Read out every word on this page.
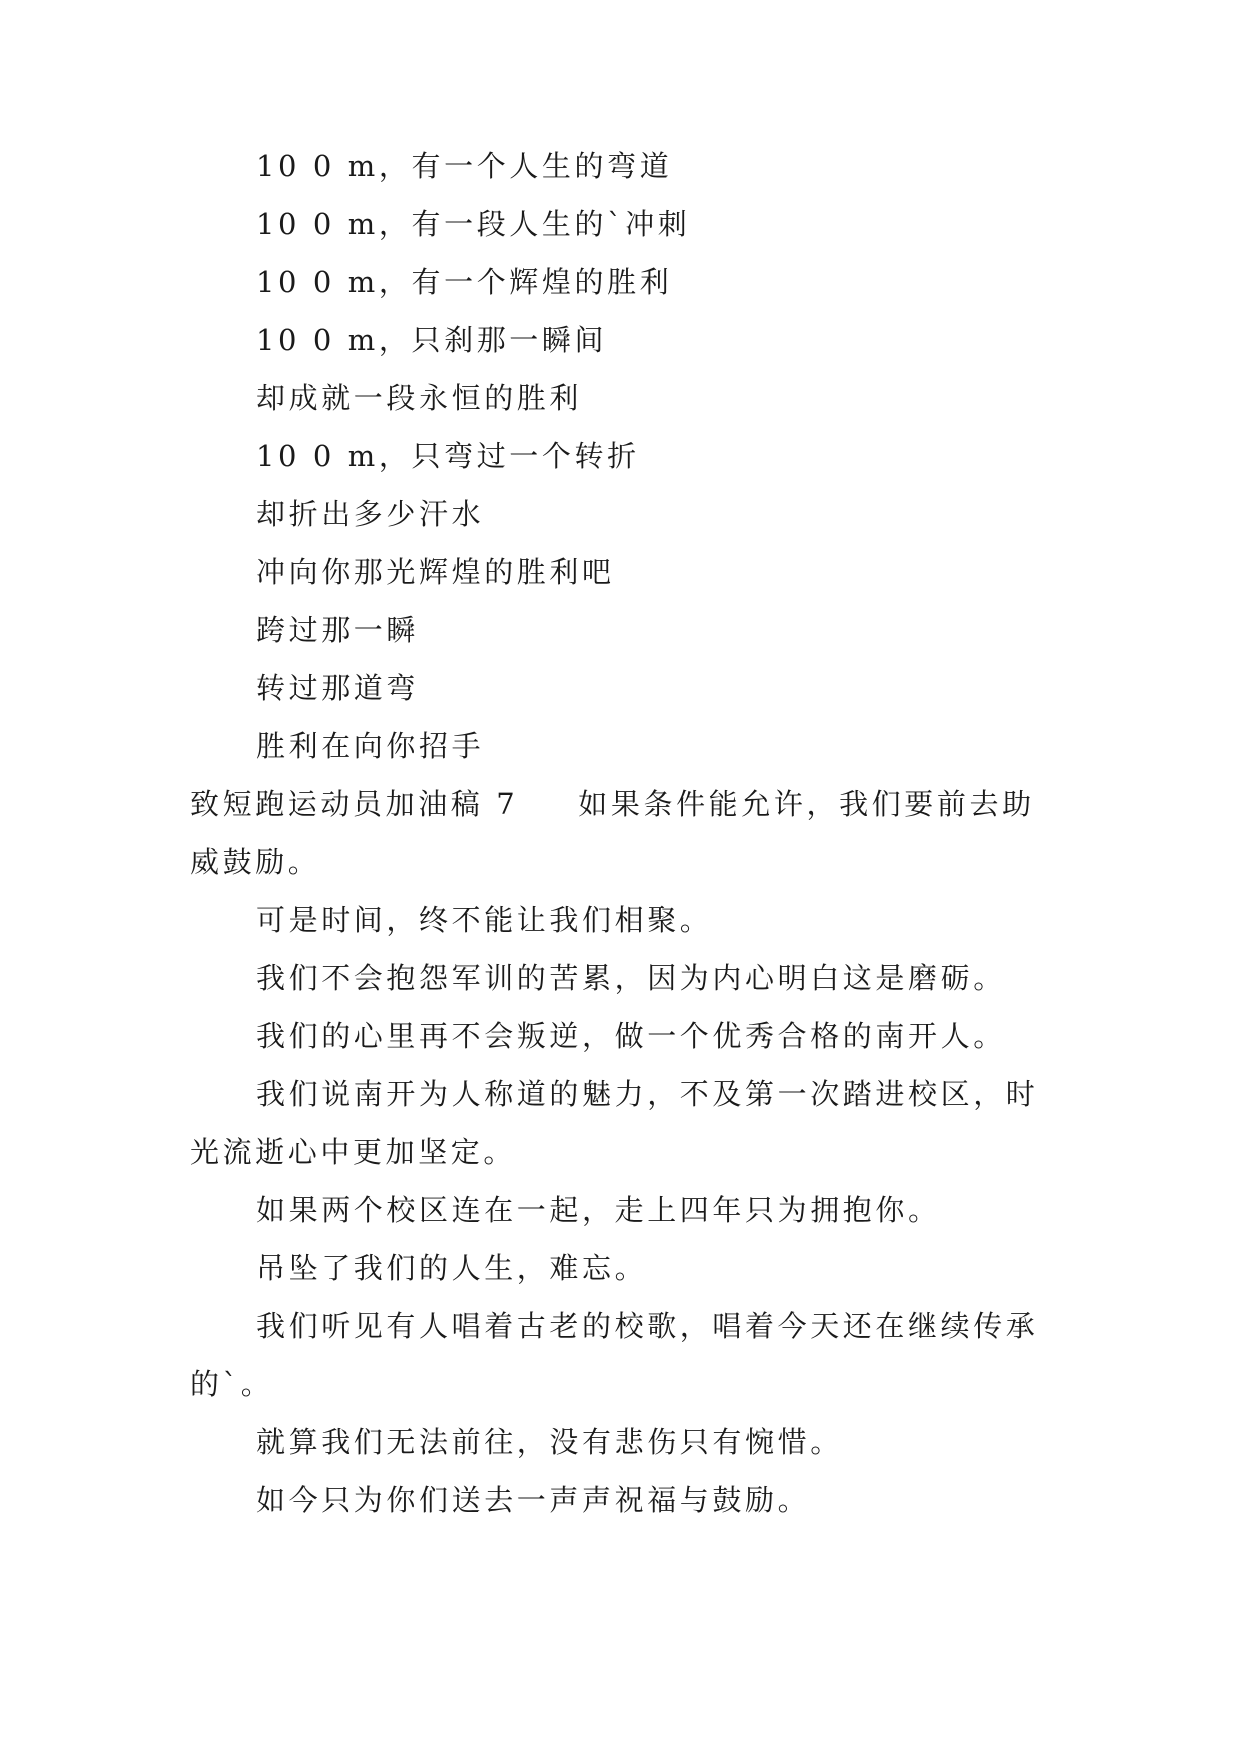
10 0 m，有一个人生的弯道
10 0 m，有一段人生的`冲刺
10 0 m，有一个辉煌的胜利
10 0 m，只刹那一瞬间
却成就一段永恒的胜利
10 0 m，只弯过一个转折
却折出多少汗水
冲向你那光辉煌的胜利吧
跨过那一瞬
转过那道弯
胜利在向你招手
致短跑运动员加油稿 7 如果条件能允许，我们要前去助
威鼓励。
可是时间，终不能让我们相聚。
我们不会抱怨军训的苦累，因为内心明白这是磨砺。
我们的心里再不会叛逆，做一个优秀合格的南开人。
我们说南开为人称道的魅力，不及第一次踏进校区，时
光流逝心中更加坚定。
如果两个校区连在一起，走上四年只为拥抱你。
吊坠了我们的人生，难忘。
我们听见有人唱着古老的校歌，唱着今天还在继续传承
的`。
就算我们无法前往，没有悲伤只有惋惜。
如今只为你们送去一声声祝福与鼓励。
